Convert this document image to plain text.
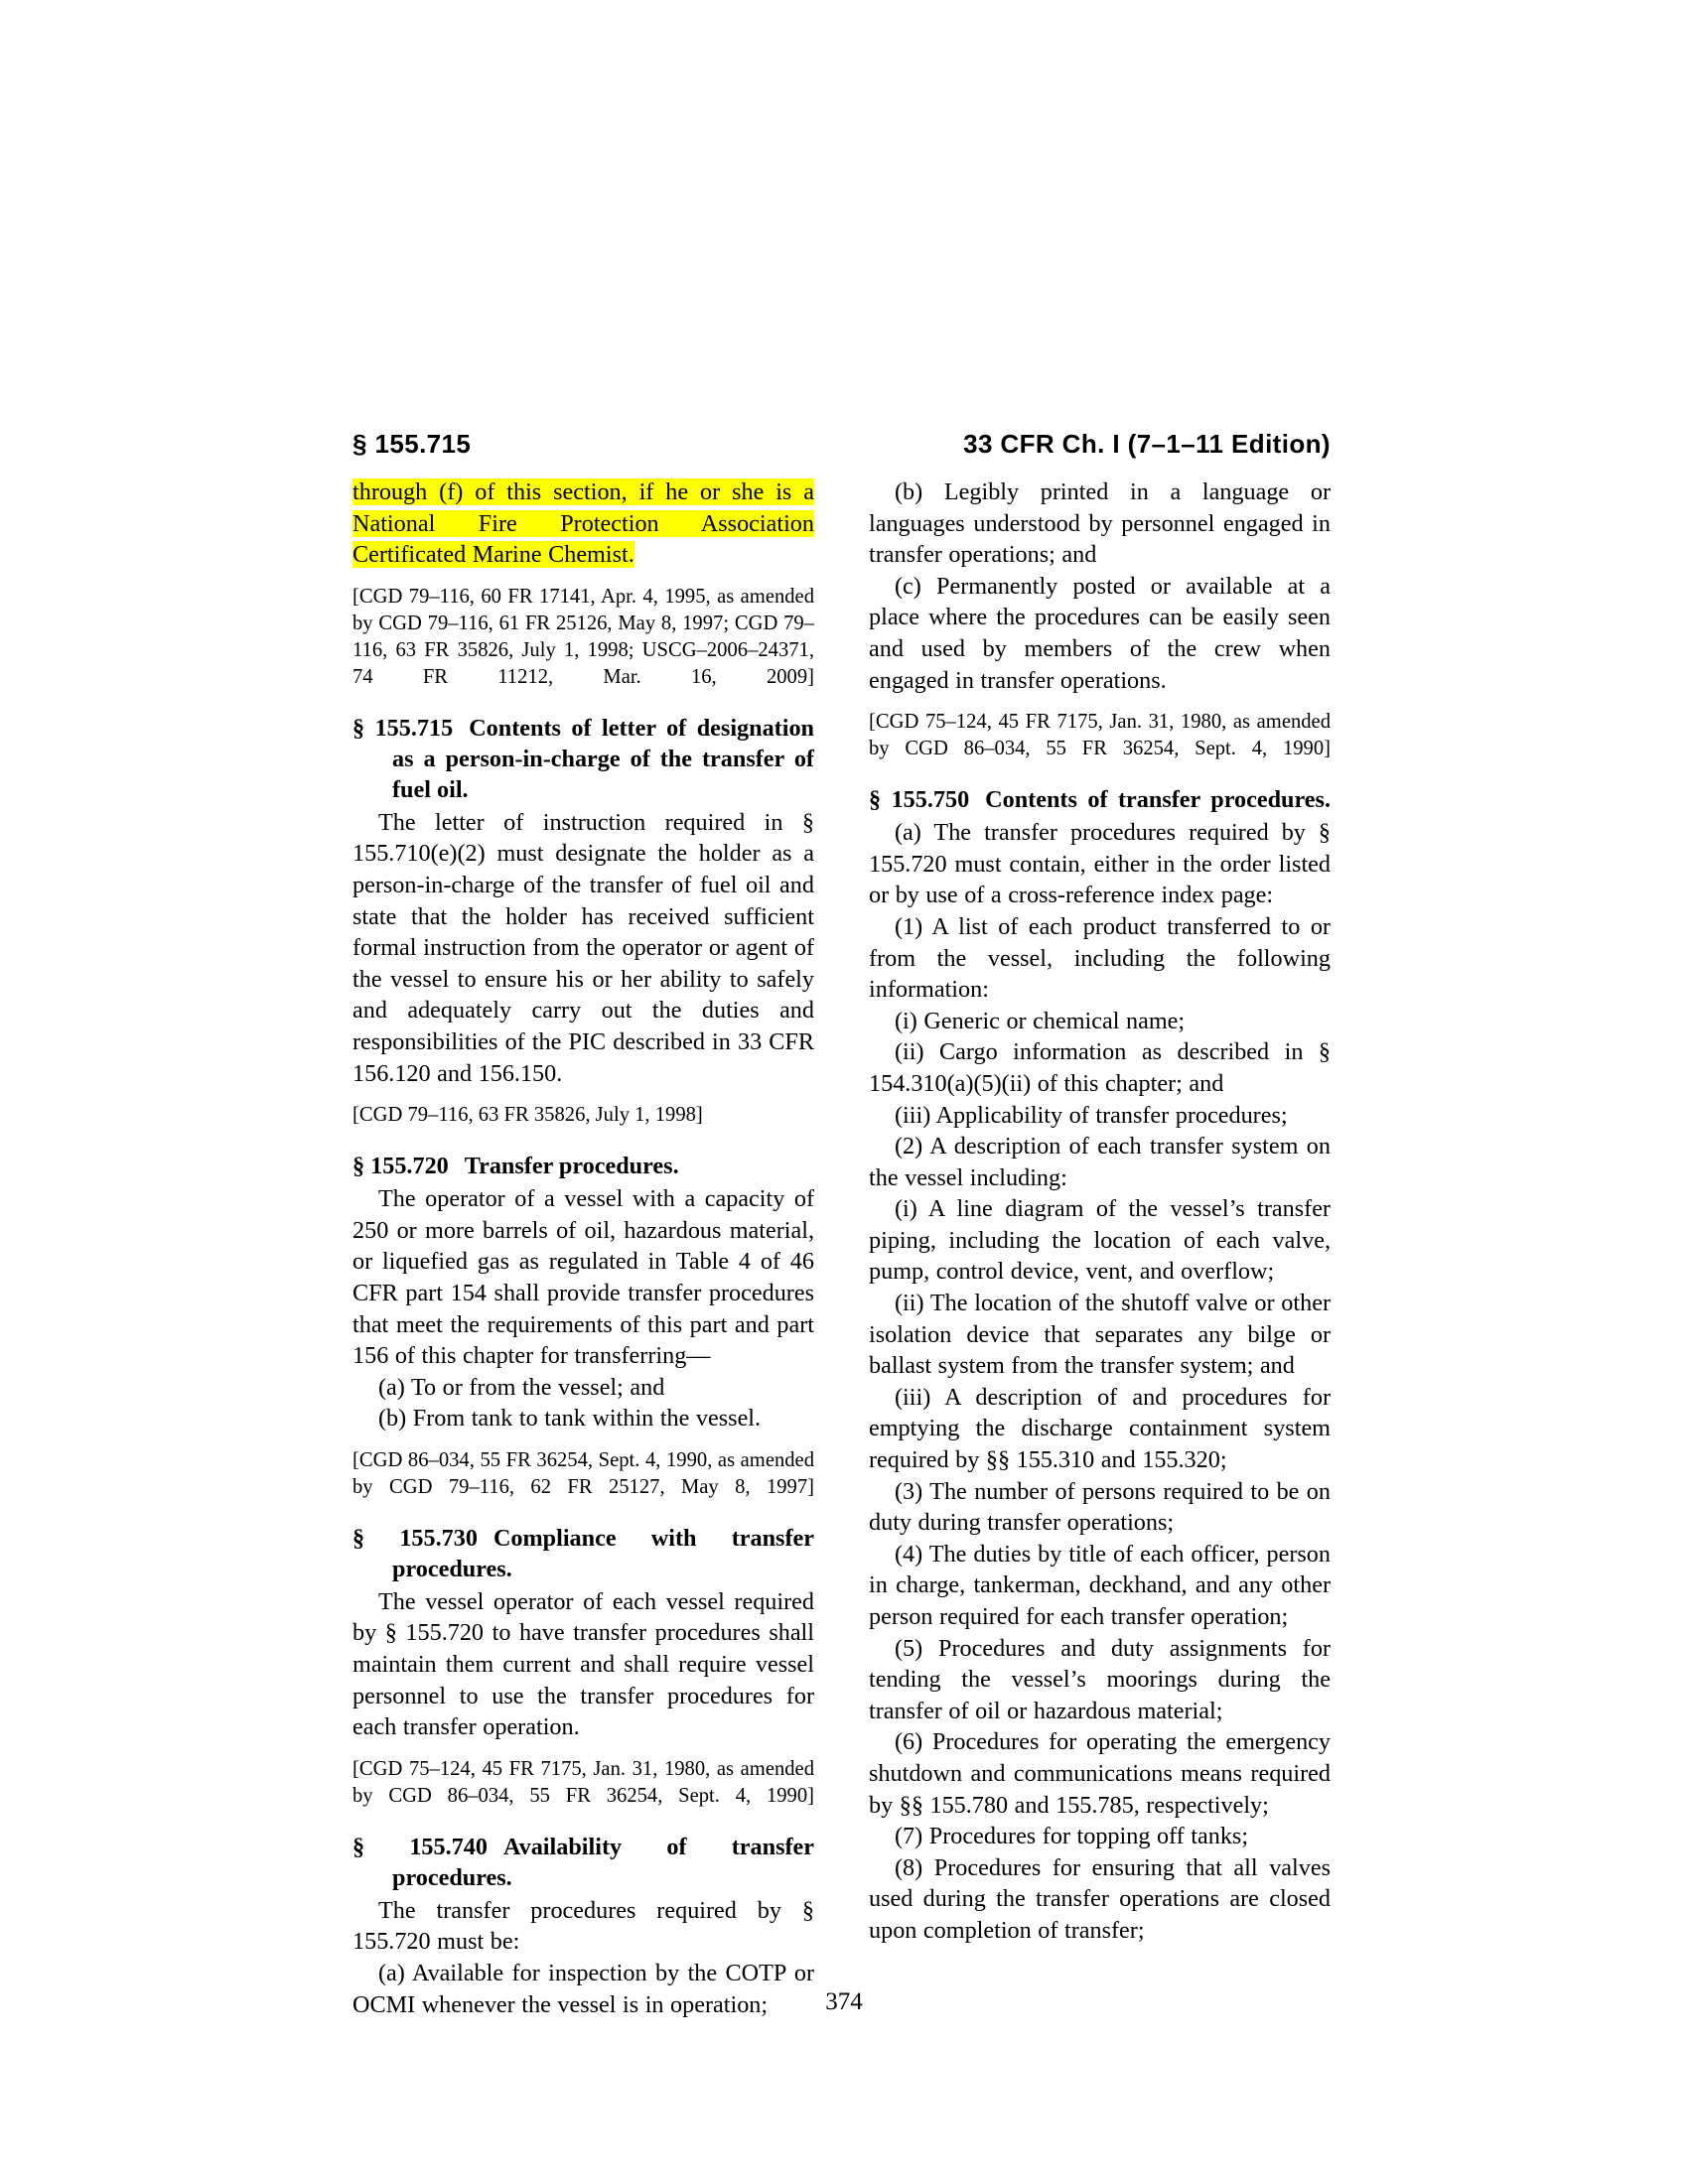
§ 155.715	33 CFR Ch. I (7–1–11 Edition)

through (f) of this section, if he or she is a National Fire Protection Association Certificated Marine Chemist.

[CGD 79–116, 60 FR 17141, Apr. 4, 1995, as amended by CGD 79–116, 61 FR 25126, May 8, 1997; CGD 79–116, 63 FR 35826, July 1, 1998; USCG–2006–24371, 74 FR 11212, Mar. 16, 2009]

§ 155.715 Contents of letter of designation as a person-in-charge of the transfer of fuel oil.

The letter of instruction required in § 155.710(e)(2) must designate the holder as a person-in-charge of the transfer of fuel oil and state that the holder has received sufficient formal instruction from the operator or agent of the vessel to ensure his or her ability to safely and adequately carry out the duties and responsibilities of the PIC described in 33 CFR 156.120 and 156.150.

[CGD 79–116, 63 FR 35826, July 1, 1998]

§ 155.720 Transfer procedures.

The operator of a vessel with a capacity of 250 or more barrels of oil, hazardous material, or liquefied gas as regulated in Table 4 of 46 CFR part 154 shall provide transfer procedures that meet the requirements of this part and part 156 of this chapter for transferring—

(a) To or from the vessel; and

(b) From tank to tank within the vessel.

[CGD 86–034, 55 FR 36254, Sept. 4, 1990, as amended by CGD 79–116, 62 FR 25127, May 8, 1997]

§ 155.730 Compliance with transfer procedures.

The vessel operator of each vessel required by § 155.720 to have transfer procedures shall maintain them current and shall require vessel personnel to use the transfer procedures for each transfer operation.

[CGD 75–124, 45 FR 7175, Jan. 31, 1980, as amended by CGD 86–034, 55 FR 36254, Sept. 4, 1990]

§ 155.740 Availability of transfer procedures.

The transfer procedures required by § 155.720 must be:

(a) Available for inspection by the COTP or OCMI whenever the vessel is in operation;

(b) Legibly printed in a language or languages understood by personnel engaged in transfer operations; and

(c) Permanently posted or available at a place where the procedures can be easily seen and used by members of the crew when engaged in transfer operations.

[CGD 75–124, 45 FR 7175, Jan. 31, 1980, as amended by CGD 86–034, 55 FR 36254, Sept. 4, 1990]

§ 155.750 Contents of transfer procedures.

(a) The transfer procedures required by § 155.720 must contain, either in the order listed or by use of a cross-reference index page:

(1) A list of each product transferred to or from the vessel, including the following information:

(i) Generic or chemical name;

(ii) Cargo information as described in § 154.310(a)(5)(ii) of this chapter; and

(iii) Applicability of transfer procedures;

(2) A description of each transfer system on the vessel including:

(i) A line diagram of the vessel’s transfer piping, including the location of each valve, pump, control device, vent, and overflow;

(ii) The location of the shutoff valve or other isolation device that separates any bilge or ballast system from the transfer system; and

(iii) A description of and procedures for emptying the discharge containment system required by §§ 155.310 and 155.320;

(3) The number of persons required to be on duty during transfer operations;

(4) The duties by title of each officer, person in charge, tankerman, deckhand, and any other person required for each transfer operation;

(5) Procedures and duty assignments for tending the vessel’s moorings during the transfer of oil or hazardous material;

(6) Procedures for operating the emergency shutdown and communications means required by §§ 155.780 and 155.785, respectively;

(7) Procedures for topping off tanks;

(8) Procedures for ensuring that all valves used during the transfer operations are closed upon completion of transfer;

374
